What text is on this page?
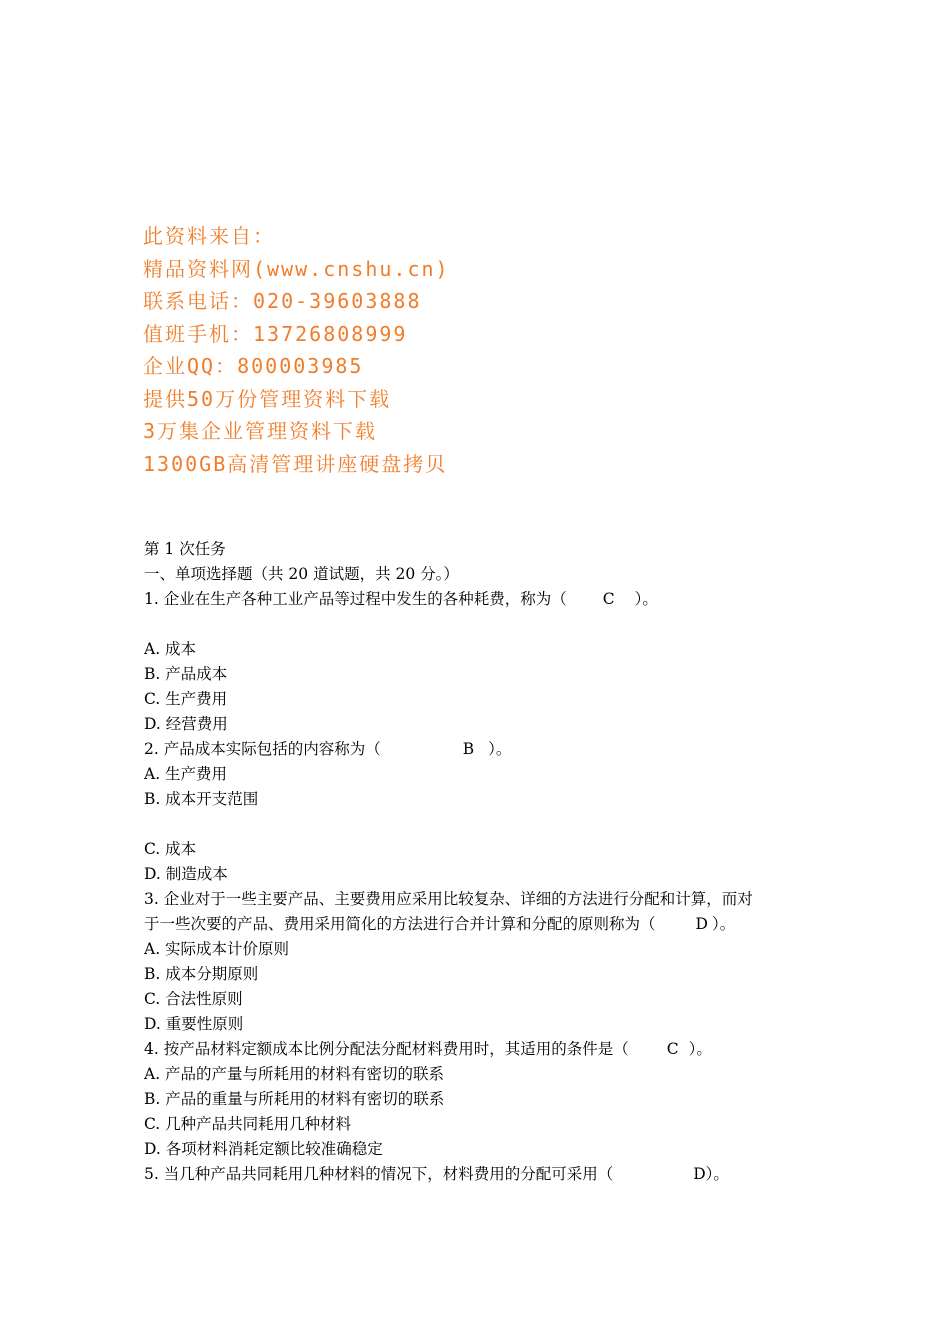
此资料来自：
精品资料网(www.cnshu.cn)
联系电话：020-39603888
值班手机：13726808999
企业QQ：800003985
提供50万份管理资料下载
3万集企业管理资料下载
1300GB高清管理讲座硬盘拷贝
第 1 次任务
一、单项选择题（共 20 道试题，共 20 分。）
1. 企业在生产各种工业产品等过程中发生的各种耗费，称为（ C ）。
A. 成本
B. 产品成本
C. 生产费用
D. 经营费用
2. 产品成本实际包括的内容称为（	B ）。
A. 生产费用
B. 成本开支范围
C. 成本
D. 制造成本
3. 企业对于一些主要产品、主要费用应采用比较复杂、详细的方法进行分配和计算，而对
于一些次要的产品、费用采用简化的方法进行合并计算和分配的原则称为（	D ）。
A. 实际成本计价原则
B. 成本分期原则
C. 合法性原则
D. 重要性原则
4. 按产品材料定额成本比例分配法分配材料费用时，其适用的条件是（ C ）。
A. 产品的产量与所耗用的材料有密切的联系
B. 产品的重量与所耗用的材料有密切的联系
C. 几种产品共同耗用几种材料
D. 各项材料消耗定额比较准确稳定
5. 当几种产品共同耗用几种材料的情况下，材料费用的分配可采用（	D）。
